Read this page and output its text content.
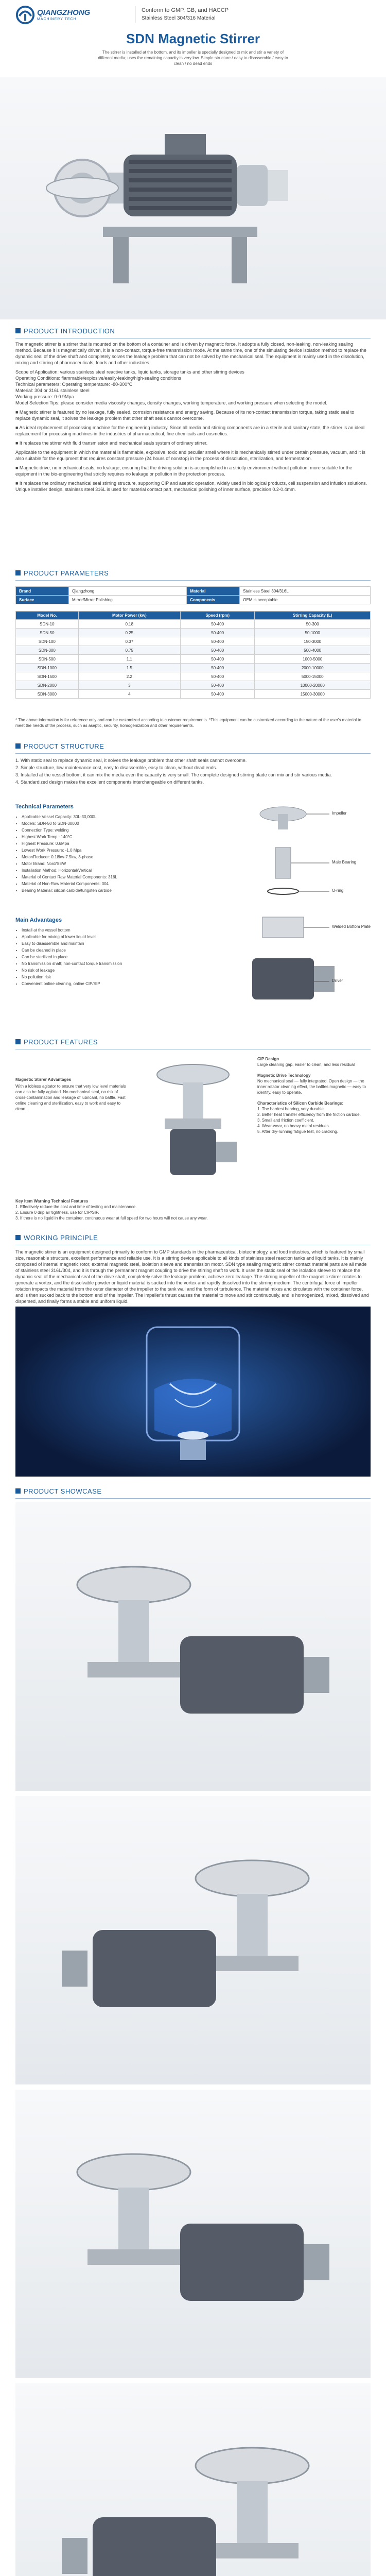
QIANGZHONG
MACHINERY TECH
Conform to GMP, GB, and HACCP
Stainless Steel 304/316 Material
SDN Magnetic Stirrer
The stirrer is installed at the bottom, and its impeller is specially designed to mix and stir a variety of different media; uses the remaining capacity is very low. Simple structure / easy to disassemble / easy to clean / no dead ends
PRODUCT INTRODUCTION

The magnetic stirrer is a stirrer that is mounted on the bottom of a container and is driven by magnetic force. It adopts a fully closed, non-leaking, non-leaking sealing method. Because it is magnetically driven, it is a non-contact, torque-free transmission mode. At the same time, one of the simulating device isolation method to replace the dynamic seal of the drive shaft and completely solves the leakage problem that can not be solved by the mechanical seal. The equipment is mainly used in the dissolution, mixing and stirring of pharmaceuticals, foods and other industries.

Scope of Application: various stainless steel reactive tanks, liquid tanks, storage tanks and other stirring devices

Operating Conditions: flammable/explosive/easily-leaking/high-sealing conditions

Technical parameters: Operating temperature: -80-300°C

Material: 304 or 316L stainless steel

Working pressure: 0-0.9Mpa

Model Selection Tips: please consider media viscosity changes, density changes, working temperature, and working pressure when selecting the model.

■ Magnetic stirrer is featured by no leakage, fully sealed, corrosion resistance and energy saving. Because of its non-contact transmission torque, taking static seal to replace dynamic seal, it solves the leakage problem that other shaft seals cannot overcome.

■ As ideal replacement of processing machine for the engineering industry. Since all media and stirring components are in a sterile and sanitary state, the stirrer is an ideal replacement for processing machines in the industries of pharmaceutical, fine chemicals and cosmetics.

■ It replaces the stirrer with fluid transmission and mechanical seals system of ordinary stirrer.

Applicable to the equipment in which the material is flammable, explosive, toxic and peculiar smell where it is mechanically stirred under certain pressure, vacuum, and it is also suitable for the equipment that requires constant pressure (24 hours of nonstop) in the process of dissolution, sterilization, and fermentation.

■ Magnetic drive, no mechanical seals, no leakage, ensuring that the driving solution is accomplished in a strictly environment without pollution, more suitable for the equipment in the bio-engineering that strictly requires no leakage or pollution in the protection process.

■ It replaces the ordinary mechanical seal stirring structure, supporting CIP and aseptic operation, widely used in biological products, cell suspension and infusion solutions. Unique installer design, stainless steel 316L is used for material contact part, mechanical polishing of inner surface, precision 0.2-0.4mm.

PRODUCT PARAMETERS
Brand	Qiangzhong	Material	Stainless Steel 304/316L
Surface	Mirror/Mirror Polishing	Components	OEM is acceptable
Model No.	Motor Power (kw)	Speed (rpm)	Stirring Capacity (L)
SDN-10	0.18	50-400	50-300
SDN-50	0.25	50-400	50-1000
SDN-100	0.37	50-400	150-3000
SDN-300	0.75	50-400	500-4000
SDN-500	1.1	50-400	1000-5000
SDN-1000	1.5	50-400	2000-10000
SDN-1500	2.2	50-400	5000-15000
SDN-2000	3	50-400	10000-20000
SDN-3000	4	50-400	15000-30000
* The above information is for reference only and can be customized according to customer requirements. *This equipment can be customized according to the nature of the user's material to meet the needs of the process, such as aseptic, security, homogenization and other requirements.
PRODUCT STRUCTURE

1. With static seal to replace dynamic seal, it solves the leakage problem that other shaft seals cannot overcome.

2. Simple structure, low maintenance cost, easy to disassemble, easy to clean, without dead ends.

3. Installed at the vessel bottom, it can mix the media even the capacity is very small. The complete designed stirring blade can mix and stir various media.

4. Standardized design makes the excellent components interchangeable on different tanks.

Technical Parameters
• Applicable Vessel Capacity: 30L-30,000L
• Models: SDN-50 to SDN-30000
• Connection Type: welding
• Highest Work Temp.: 140°C
• Highest Pressure: 0.6Mpa
• Lowest Work Pressure: -1.0 Mpa
• Motor/Reducer: 0.18kw-7.5kw, 3-phase
• Motor Brand: Nord/SEW
• Installation Method: Horizontal/Vertical
• Material of Contact Raw Material Components: 316L
• Material of Non-Raw Material Components: 304
• Bearing Material: silicon carbide/tungsten carbide
Impeller
Male Bearing
O-ring
Welded Bottom Plate
Driver
Main Advantages
• Install at the vessel bottom
• Applicable for mixing of lower liquid level
• Easy to disassemble and maintain
• Can be cleaned in place
• Can be sterilized in place
• No transmission shaft; non-contact torque transmission
• No risk of leakage
• No pollution risk
• Convenient online cleaning, online CIP/SIP
PRODUCT FEATURES
Magnetic Stirrer Advantages
With a lobless agitator to ensure that very low level materials can also be fully agitated. No mechanical seal, no risk of cross-contamination and leakage of lubricant, no baffle. Fast online cleaning and sterilization, easy to work and easy to clean.
CIP Design
Large cleaning gap, easier to clean, and less residual
Magnetic Drive Technology
No mechanical seal — fully integrated. Open design — the inner rotator cleaning effect, the baffles magnetic — easy to identify, easy to operate.
Characteristics of Silicon Carbide Bearings:
1. The hardest bearing, very durable.
2. Better heat transfer efficiency from the friction carbide.
3. Small and friction coefficient.
4. Wear-wear, no heavy metal residues.
5. After dry-running fatigue test, no cracking.
Key Item Warning Technical Features
1. Effectively reduce the cost and time of testing and maintenance.
2. Ensure 0 drip air tightness, use for CIP/SIP.
3. If there is no liquid in the container, continuous wear at full speed for two hours will not cause any wear.
WORKING PRINCIPLE
The magnetic stirrer is an equipment designed primarily to conform to GMP standards in the pharmaceutical, biotechnology, and food industries, which is featured by small size, reasonable structure, excellent performance and reliable use. It is a stirring device applicable to all kinds of stainless steel reaction tanks and liquid tanks. It is mainly composed of internal magnetic rotor, external magnetic steel, isolation sleeve and transmission motor. SDN type sealing magnetic stirrer contact material parts are all made of stainless steel 316L/304, and it is through the permanent magnet coupling to drive the stirring shaft to work. It uses the static seal of the isolation sleeve to replace the dynamic seal of the mechanical seal of the drive shaft, completely solve the leakage problem, achieve zero leakage. The stirring impeller of the magnetic stirrer rotates to generate a vortex, and the dissolvable powder or liquid material is sucked into the vortex and rapidly dissolved into the stirring medium. The centrifugal force of impeller rotation impacts the material from the outer diameter of the impeller to the tank wall and the form of turbulence. The material mixes and circulates with the container force, and is then sucked back to the bottom end of the impeller. The impeller's thrust causes the material to move and stir continuously, and is homogenized, mixed, dissolved and dispersed, and finally forms a stable and uniform liquid.
PRODUCT SHOWCASE
